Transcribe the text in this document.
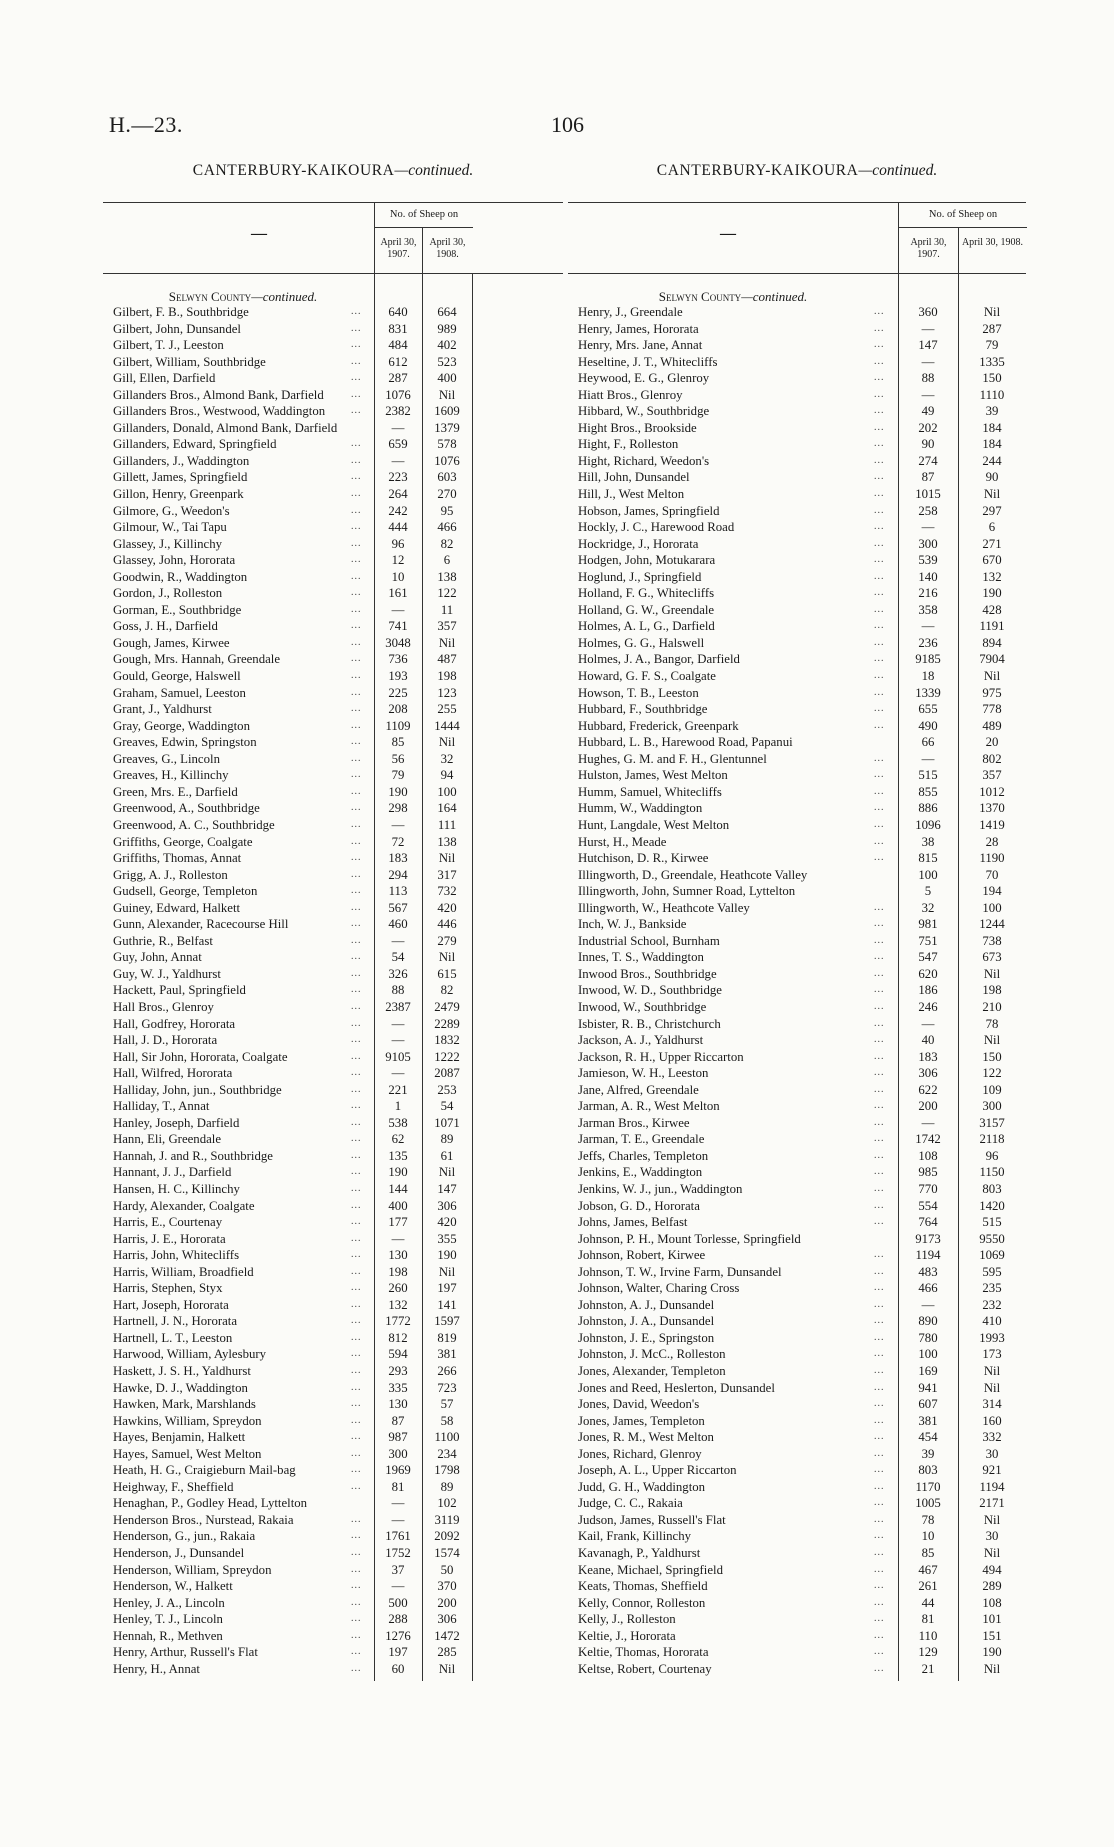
H.—23.	106
CANTERBURY-KAIKOURA—continued.
—
No. of Sheep on
April 30, 1907.
April 30, 1908.
Selwyn County—continued.
Gilbert, F. B., Southbridge	...	640	664
Gilbert, John, Dunsandel	...	831	989
Gilbert, T. J., Leeston	...	484	402
Gilbert, William, Southbridge	...	612	523
Gill, Ellen, Darfield	...	287	400
Gillanders Bros., Almond Bank, Darfield	...	1076	Nil
Gillanders Bros., Westwood, Waddington	...	2382	1609
Gillanders, Donald, Almond Bank, Darfield	—	1379
Gillanders, Edward, Springfield	...	659	578
Gillanders, J., Waddington	...	—	1076
Gillett, James, Springfield	...	223	603
Gillon, Henry, Greenpark	...	264	270
Gilmore, G., Weedon's	...	242	95
Gilmour, W., Tai Tapu	...	444	466
Glassey, J., Killinchy	...	96	82
Glassey, John, Hororata	...	12	6
Goodwin, R., Waddington	...	10	138
Gordon, J., Rolleston	...	161	122
Gorman, E., Southbridge	...	—	11
Goss, J. H., Darfield	...	741	357
Gough, James, Kirwee	...	3048	Nil
Gough, Mrs. Hannah, Greendale	...	736	487
Gould, George, Halswell	...	193	198
Graham, Samuel, Leeston	...	225	123
Grant, J., Yaldhurst	...	208	255
Gray, George, Waddington	...	1109	1444
Greaves, Edwin, Springston	...	85	Nil
Greaves, G., Lincoln	...	56	32
Greaves, H., Killinchy	...	79	94
Green, Mrs. E., Darfield	...	190	100
Greenwood, A., Southbridge	...	298	164
Greenwood, A. C., Southbridge	...	—	111
Griffiths, George, Coalgate	...	72	138
Griffiths, Thomas, Annat	...	183	Nil
Grigg, A. J., Rolleston	...	294	317
Gudsell, George, Templeton	...	113	732
Guiney, Edward, Halkett	...	567	420
Gunn, Alexander, Racecourse Hill	...	460	446
Guthrie, R., Belfast	...	—	279
Guy, John, Annat	...	54	Nil
Guy, W. J., Yaldhurst	...	326	615
Hackett, Paul, Springfield	...	88	82
Hall Bros., Glenroy	...	2387	2479
Hall, Godfrey, Hororata	...	—	2289
Hall, J. D., Hororata	...	—	1832
Hall, Sir John, Hororata, Coalgate	...	9105	1222
Hall, Wilfred, Hororata	...	—	2087
Halliday, John, jun., Southbridge	...	221	253
Halliday, T., Annat	...	1	54
Hanley, Joseph, Darfield	...	538	1071
Hann, Eli, Greendale	...	62	89
Hannah, J. and R., Southbridge	...	135	61
Hannant, J. J., Darfield	...	190	Nil
Hansen, H. C., Killinchy	...	144	147
Hardy, Alexander, Coalgate	...	400	306
Harris, E., Courtenay	...	177	420
Harris, J. E., Hororata	...	—	355
Harris, John, Whitecliffs	...	130	190
Harris, William, Broadfield	...	198	Nil
Harris, Stephen, Styx	...	260	197
Hart, Joseph, Hororata	...	132	141
Hartnell, J. N., Hororata	...	1772	1597
Hartnell, L. T., Leeston	...	812	819
Harwood, William, Aylesbury	...	594	381
Haskett, J. S. H., Yaldhurst	...	293	266
Hawke, D. J., Waddington	...	335	723
Hawken, Mark, Marshlands	...	130	57
Hawkins, William, Spreydon	...	87	58
Hayes, Benjamin, Halkett	...	987	1100
Hayes, Samuel, West Melton	...	300	234
Heath, H. G., Craigieburn Mail-bag	...	1969	1798
Heighway, F., Sheffield	...	81	89
Henaghan, P., Godley Head, Lyttelton	—	102
Henderson Bros., Nurstead, Rakaia	...	—	3119
Henderson, G., jun., Rakaia	...	1761	2092
Henderson, J., Dunsandel	...	1752	1574
Henderson, William, Spreydon	...	37	50
Henderson, W., Halkett	...	—	370
Henley, J. A., Lincoln	...	500	200
Henley, T. J., Lincoln	...	288	306
Hennah, R., Methven	...	1276	1472
Henry, Arthur, Russell's Flat	...	197	285
Henry, H., Annat	...	60	Nil
CANTERBURY-KAIKOURA—continued.
—
No. of Sheep on
April 30, 1907.
April 30, 1908.
Selwyn County—continued.
Henry, J., Greendale	...	360	Nil
Henry, James, Hororata	...	—	287
Henry, Mrs. Jane, Annat	...	147	79
Heseltine, J. T., Whitecliffs	...	—	1335
Heywood, E. G., Glenroy	...	88	150
Hiatt Bros., Glenroy	...	—	1110
Hibbard, W., Southbridge	...	49	39
Hight Bros., Brookside	...	202	184
Hight, F., Rolleston	...	90	184
Hight, Richard, Weedon's	...	274	244
Hill, John, Dunsandel	...	87	90
Hill, J., West Melton	...	1015	Nil
Hobson, James, Springfield	...	258	297
Hockly, J. C., Harewood Road	...	—	6
Hockridge, J., Hororata	...	300	271
Hodgen, John, Motukarara	...	539	670
Hoglund, J., Springfield	...	140	132
Holland, F. G., Whitecliffs	...	216	190
Holland, G. W., Greendale	...	358	428
Holmes, A. L, G., Darfield	...	—	1191
Holmes, G. G., Halswell	...	236	894
Holmes, J. A., Bangor, Darfield	...	9185	7904
Howard, G. F. S., Coalgate	...	18	Nil
Howson, T. B., Leeston	...	1339	975
Hubbard, F., Southbridge	...	655	778
Hubbard, Frederick, Greenpark	...	490	489
Hubbard, L. B., Harewood Road, Papanui	66	20
Hughes, G. M. and F. H., Glentunnel	...	—	802
Hulston, James, West Melton	...	515	357
Humm, Samuel, Whitecliffs	...	855	1012
Humm, W., Waddington	...	886	1370
Hunt, Langdale, West Melton	...	1096	1419
Hurst, H., Meade	...	38	28
Hutchison, D. R., Kirwee	...	815	1190
Illingworth, D., Greendale, Heathcote Valley	100	70
Illingworth, John, Sumner Road, Lyttelton	5	194
Illingworth, W., Heathcote Valley	...	32	100
Inch, W. J., Bankside	...	981	1244
Industrial School, Burnham	...	751	738
Innes, T. S., Waddington	...	547	673
Inwood Bros., Southbridge	...	620	Nil
Inwood, W. D., Southbridge	...	186	198
Inwood, W., Southbridge	...	246	210
Isbister, R. B., Christchurch	...	—	78
Jackson, A. J., Yaldhurst	...	40	Nil
Jackson, R. H., Upper Riccarton	...	183	150
Jamieson, W. H., Leeston	...	306	122
Jane, Alfred, Greendale	...	622	109
Jarman, A. R., West Melton	...	200	300
Jarman Bros., Kirwee	...	—	3157
Jarman, T. E., Greendale	...	1742	2118
Jeffs, Charles, Templeton	...	108	96
Jenkins, E., Waddington	...	985	1150
Jenkins, W. J., jun., Waddington	...	770	803
Jobson, G. D., Hororata	...	554	1420
Johns, James, Belfast	...	764	515
Johnson, P. H., Mount Torlesse, Springfield	9173	9550
Johnson, Robert, Kirwee	...	1194	1069
Johnson, T. W., Irvine Farm, Dunsandel	...	483	595
Johnson, Walter, Charing Cross	...	466	235
Johnston, A. J., Dunsandel	...	—	232
Johnston, J. A., Dunsandel	...	890	410
Johnston, J. E., Springston	...	780	1993
Johnston, J. McC., Rolleston	...	100	173
Jones, Alexander, Templeton	...	169	Nil
Jones and Reed, Heslerton, Dunsandel	...	941	Nil
Jones, David, Weedon's	...	607	314
Jones, James, Templeton	...	381	160
Jones, R. M., West Melton	...	454	332
Jones, Richard, Glenroy	...	39	30
Joseph, A. L., Upper Riccarton	...	803	921
Judd, G. H., Waddington	...	1170	1194
Judge, C. C., Rakaia	...	1005	2171
Judson, James, Russell's Flat	...	78	Nil
Kail, Frank, Killinchy	...	10	30
Kavanagh, P., Yaldhurst	...	85	Nil
Keane, Michael, Springfield	...	467	494
Keats, Thomas, Sheffield	...	261	289
Kelly, Connor, Rolleston	...	44	108
Kelly, J., Rolleston	...	81	101
Keltie, J., Hororata	...	110	151
Keltie, Thomas, Hororata	...	129	190
Keltse, Robert, Courtenay	...	21	Nil
